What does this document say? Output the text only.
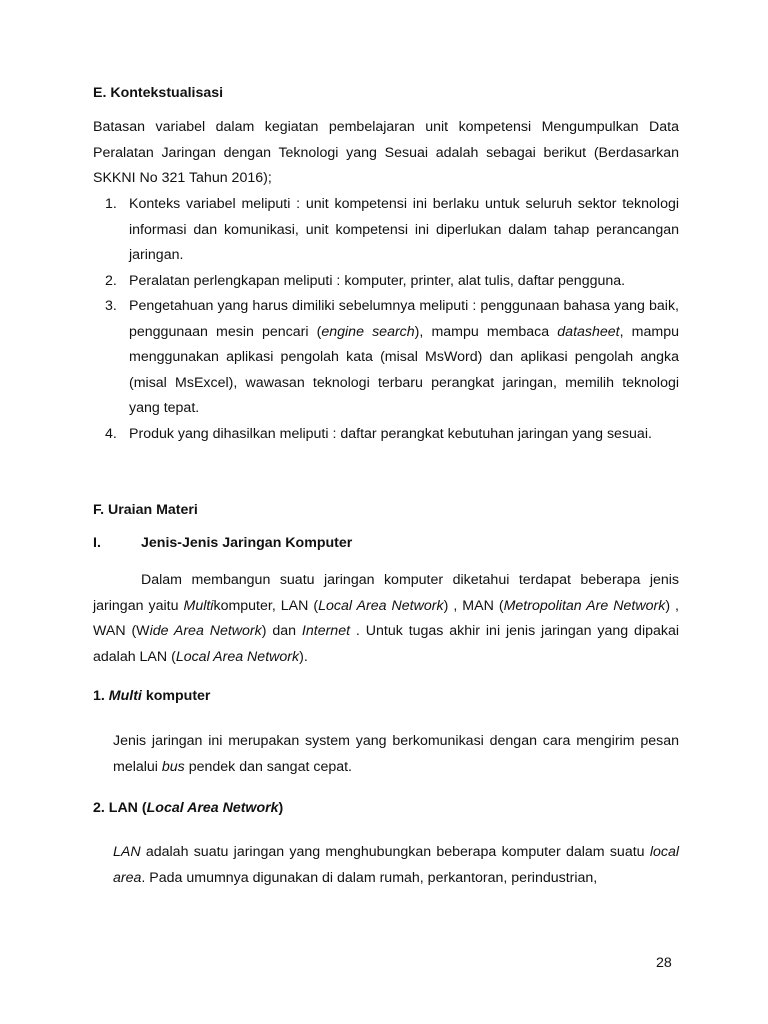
E. Kontekstualisasi

Batasan variabel dalam kegiatan pembelajaran unit kompetensi Mengumpulkan Data Peralatan Jaringan dengan Teknologi yang Sesuai adalah sebagai berikut (Berdasarkan SKKNI No 321 Tahun 2016);

1. Konteks variabel meliputi : unit kompetensi ini berlaku untuk seluruh sektor teknologi informasi dan komunikasi, unit kompetensi ini diperlukan dalam tahap perancangan jaringan.
2. Peralatan perlengkapan meliputi : komputer, printer, alat tulis, daftar pengguna.
3. Pengetahuan yang harus dimiliki sebelumnya meliputi : penggunaan bahasa yang baik, penggunaan mesin pencari (engine search), mampu membaca datasheet, mampu menggunakan aplikasi pengolah kata (misal MsWord) dan aplikasi pengolah angka (misal MsExcel), wawasan teknologi terbaru perangkat jaringan, memilih teknologi yang tepat.
4. Produk yang dihasilkan meliputi : daftar perangkat kebutuhan jaringan yang sesuai.
F. Uraian Materi
I.	Jenis-Jenis Jaringan Komputer

Dalam membangun suatu jaringan komputer diketahui terdapat beberapa jenis jaringan yaitu Multikomputer, LAN (Local Area Network) , MAN (Metropolitan Are Network) , WAN (Wide Area Network) dan Internet . Untuk tugas akhir ini jenis jaringan yang dipakai adalah LAN (Local Area Network).

1. Multi komputer

Jenis jaringan ini merupakan system yang berkomunikasi dengan cara mengirim pesan melalui bus pendek dan sangat cepat.

2. LAN (Local Area Network)

LAN adalah suatu jaringan yang menghubungkan beberapa komputer dalam suatu local area. Pada umumnya digunakan di dalam rumah, perkantoran, perindustrian,

28
